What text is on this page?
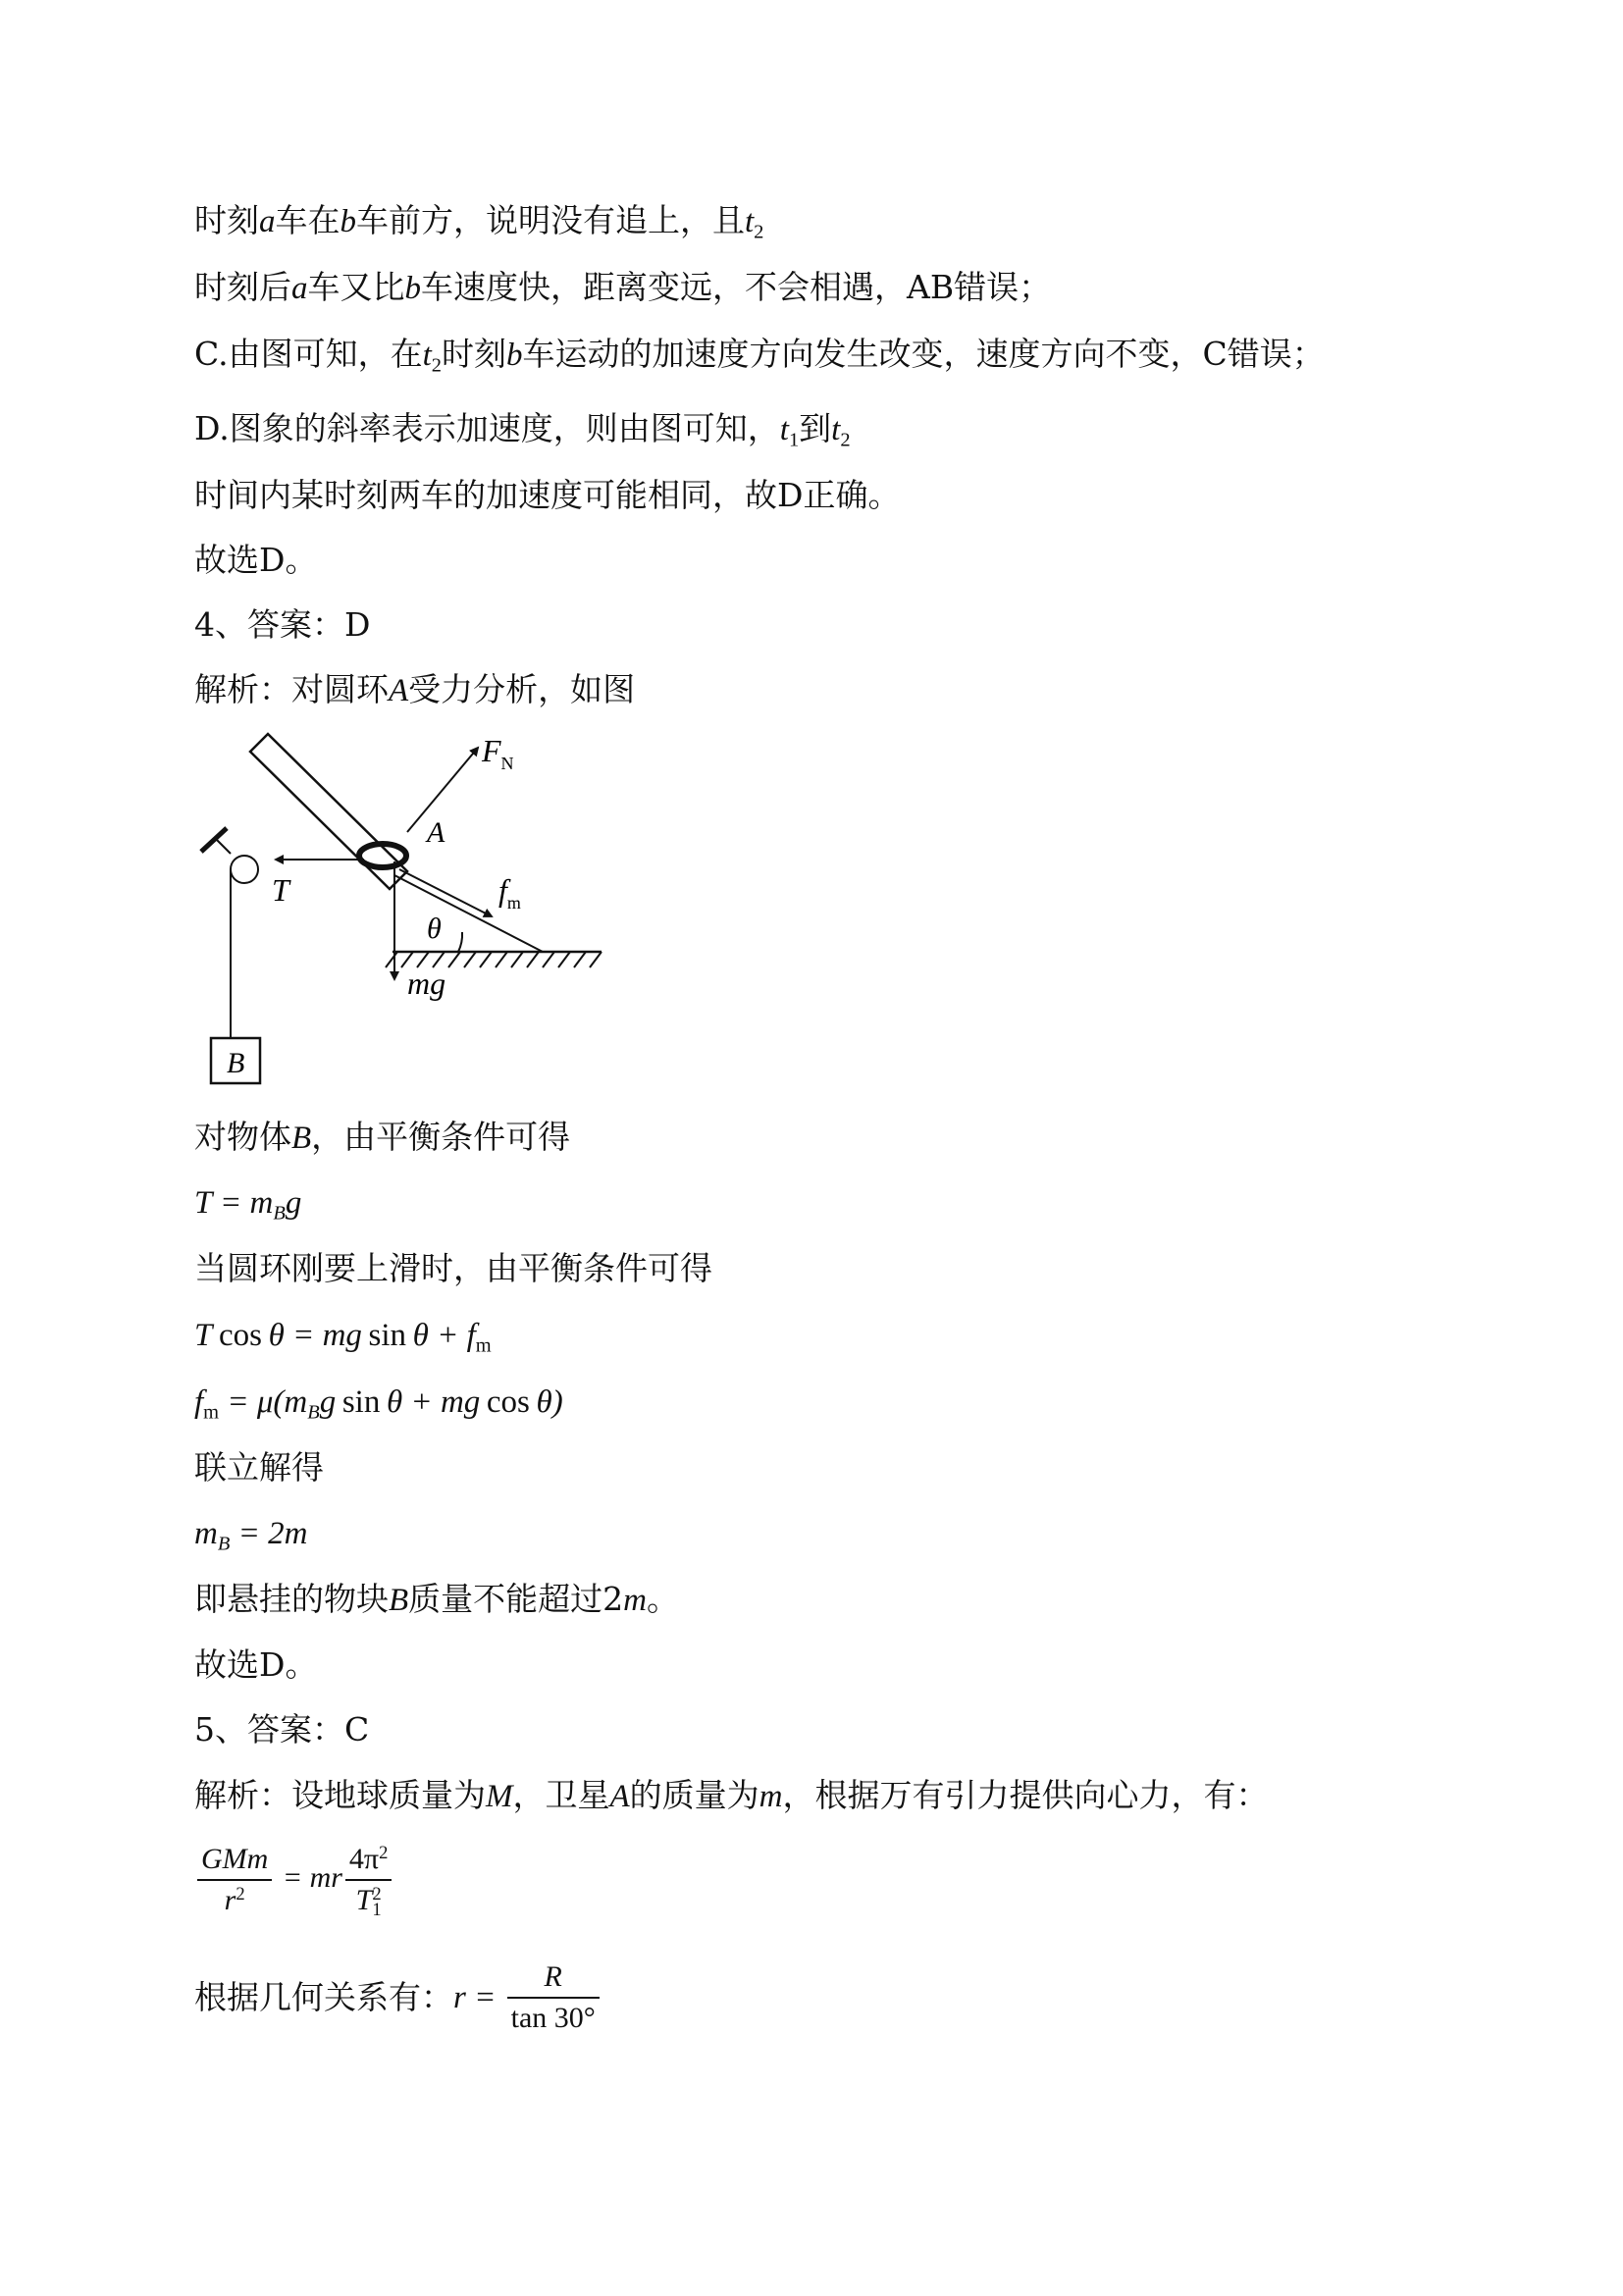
时刻a车在b车前方，说明没有追上，且$t_2$
时刻后a车又比b车速度快，距离变远，不会相遇，AB错误；
C.由图可知，在$t_2$时刻b车运动的加速度方向发生改变，速度方向不变，C错误；
D.图象的斜率表示加速度，则由图可知，$t_1$到$t_2$
时间内某时刻两车的加速度可能相同，故D正确。
故选D。
4、答案：D
解析：对圆环A受力分析，如图
A
$F_N$
T	$f_m$
θ
mg
B
对物体B，由平衡条件可得
$T = m_Bg$
当圆环刚要上滑时，由平衡条件可得
T  cos  θ = mg  $\sin \theta + f_m$
$f_m = \mu(m_Bg$  sin  θ + mg  cos  θ)
联立解得
$m_B = 2m$
即悬挂的物块B质量不能超过2m。
故选D。
5、答案：C
解析：设地球质量为M，卫星A的质量为m，根据万有引力提供向心力，有：
$\frac{\text{GMm}}{r^2}$ = mr $\frac{4\pi^2}{T_1^2}$
根据几何关系有：$r = \frac{R}{\tan 30^\circ}$
